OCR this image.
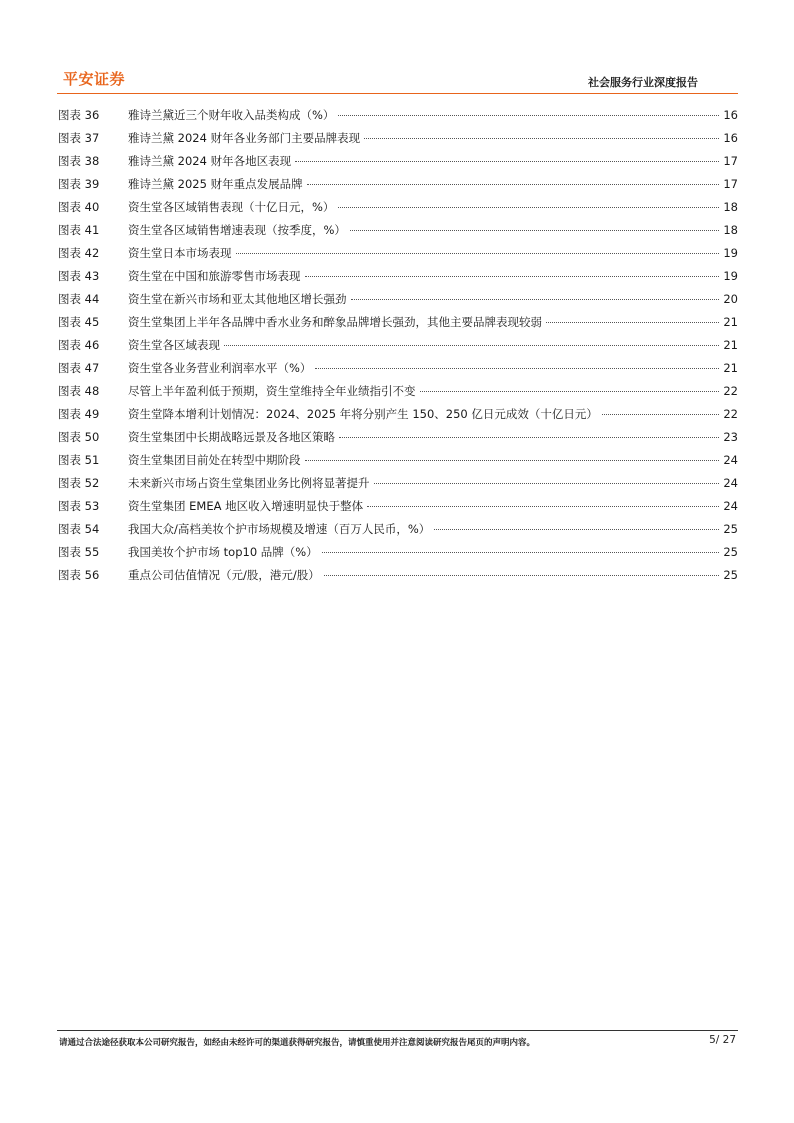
平安证券	社会服务行业深度报告
图表 36	雅诗兰黛近三个财年收入品类构成（%）	16
图表 37	雅诗兰黛 2024 财年各业务部门主要品牌表现	16
图表 38	雅诗兰黛 2024 财年各地区表现	17
图表 39	雅诗兰黛 2025 财年重点发展品牌	17
图表 40	资生堂各区域销售表现（十亿日元，%）	18
图表 41	资生堂各区域销售增速表现（按季度，%）	18
图表 42	资生堂日本市场表现	19
图表 43	资生堂在中国和旅游零售市场表现	19
图表 44	资生堂在新兴市场和亚太其他地区增长强劲	20
图表 45	资生堂集团上半年各品牌中香水业务和醉象品牌增长强劲，其他主要品牌表现较弱	21
图表 46	资生堂各区域表现	21
图表 47	资生堂各业务营业利润率水平（%）	21
图表 48	尽管上半年盈利低于预期，资生堂维持全年业绩指引不变	22
图表 49	资生堂降本增利计划情况：2024、2025 年将分别产生 150、250 亿日元成效（十亿日元）	22
图表 50	资生堂集团中长期战略远景及各地区策略	23
图表 51	资生堂集团目前处在转型中期阶段	24
图表 52	未来新兴市场占资生堂集团业务比例将显著提升	24
图表 53	资生堂集团 EMEA 地区收入增速明显快于整体	24
图表 54	我国大众/高档美妆个护市场规模及增速（百万人民币，%）	25
图表 55	我国美妆个护市场 top10 品牌（%）	25
图表 56	重点公司估值情况（元/股，港元/股）	25
请通过合法途径获取本公司研究报告，如经由未经许可的渠道获得研究报告，请慎重使用并注意阅读研究报告尾页的声明内容。	5/ 27
